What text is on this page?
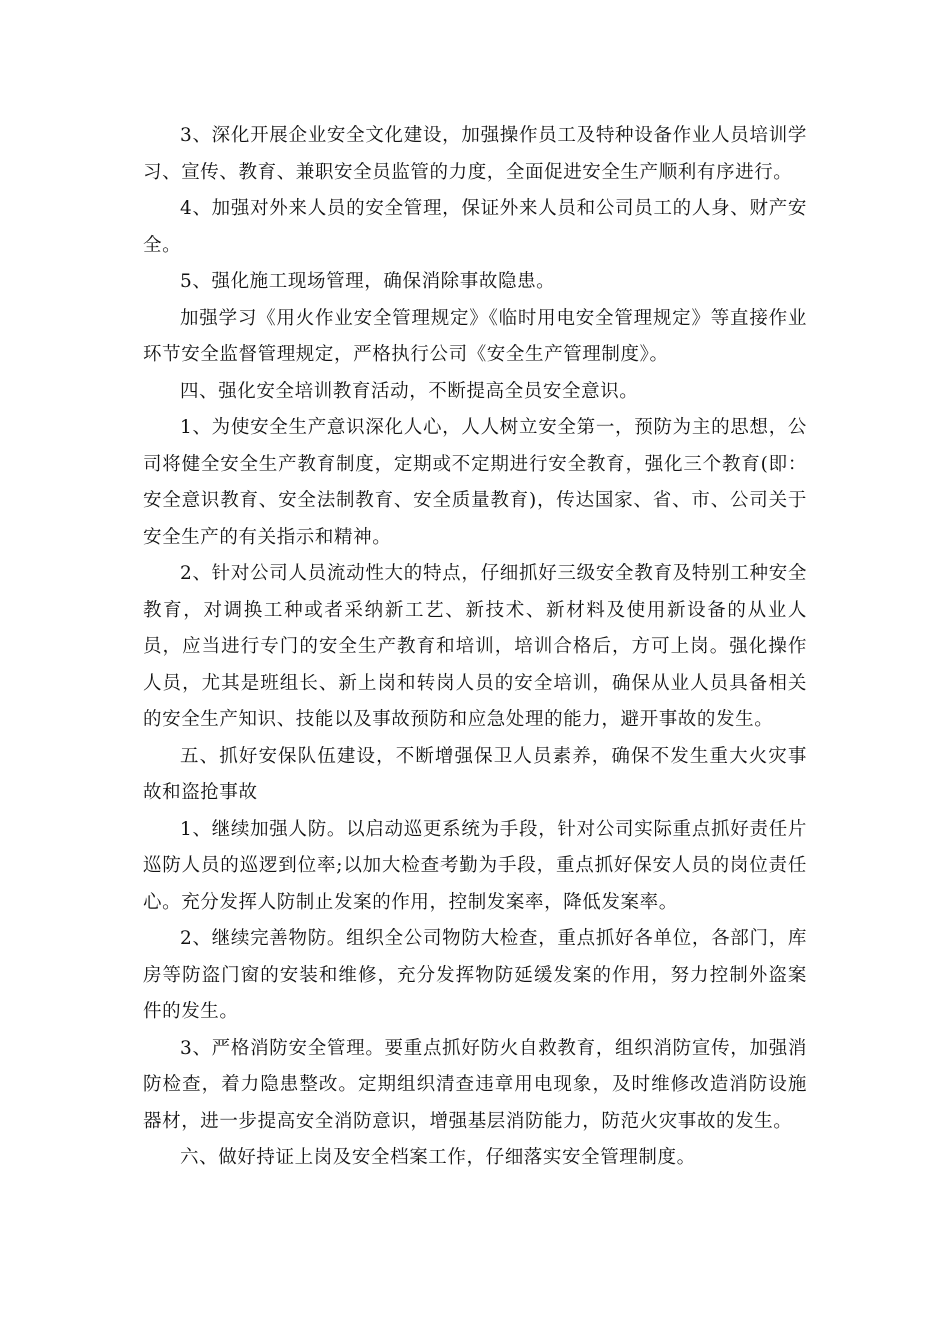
3、深化开展企业安全文化建设，加强操作员工及特种设备作业人员培训学习、宣传、教育、兼职安全员监管的力度，全面促进安全生产顺利有序进行。

4、加强对外来人员的安全管理，保证外来人员和公司员工的人身、财产安全。

5、强化施工现场管理，确保消除事故隐患。

加强学习《用火作业安全管理规定》《临时用电安全管理规定》等直接作业环节安全监督管理规定，严格执行公司《安全生产管理制度》。

四、强化安全培训教育活动，不断提高全员安全意识。

1、为使安全生产意识深化人心，人人树立安全第一，预防为主的思想，公司将健全安全生产教育制度，定期或不定期进行安全教育，强化三个教育(即：安全意识教育、安全法制教育、安全质量教育)，传达国家、省、市、公司关于安全生产的有关指示和精神。

2、针对公司人员流动性大的特点，仔细抓好三级安全教育及特别工种安全教育，对调换工种或者采纳新工艺、新技术、新材料及使用新设备的从业人员，应当进行专门的安全生产教育和培训，培训合格后，方可上岗。强化操作人员，尤其是班组长、新上岗和转岗人员的安全培训，确保从业人员具备相关的安全生产知识、技能以及事故预防和应急处理的能力，避开事故的发生。

五、抓好安保队伍建设，不断增强保卫人员素养，确保不发生重大火灾事故和盗抢事故

1、继续加强人防。以启动巡更系统为手段，针对公司实际重点抓好责任片巡防人员的巡逻到位率;以加大检查考勤为手段，重点抓好保安人员的岗位责任心。充分发挥人防制止发案的作用，控制发案率，降低发案率。

2、继续完善物防。组织全公司物防大检查，重点抓好各单位，各部门，库房等防盗门窗的安装和维修，充分发挥物防延缓发案的作用，努力控制外盗案件的发生。

3、严格消防安全管理。要重点抓好防火自救教育，组织消防宣传，加强消防检查，着力隐患整改。定期组织清查违章用电现象，及时维修改造消防设施器材，进一步提高安全消防意识，增强基层消防能力，防范火灾事故的发生。

六、做好持证上岗及安全档案工作，仔细落实安全管理制度。
